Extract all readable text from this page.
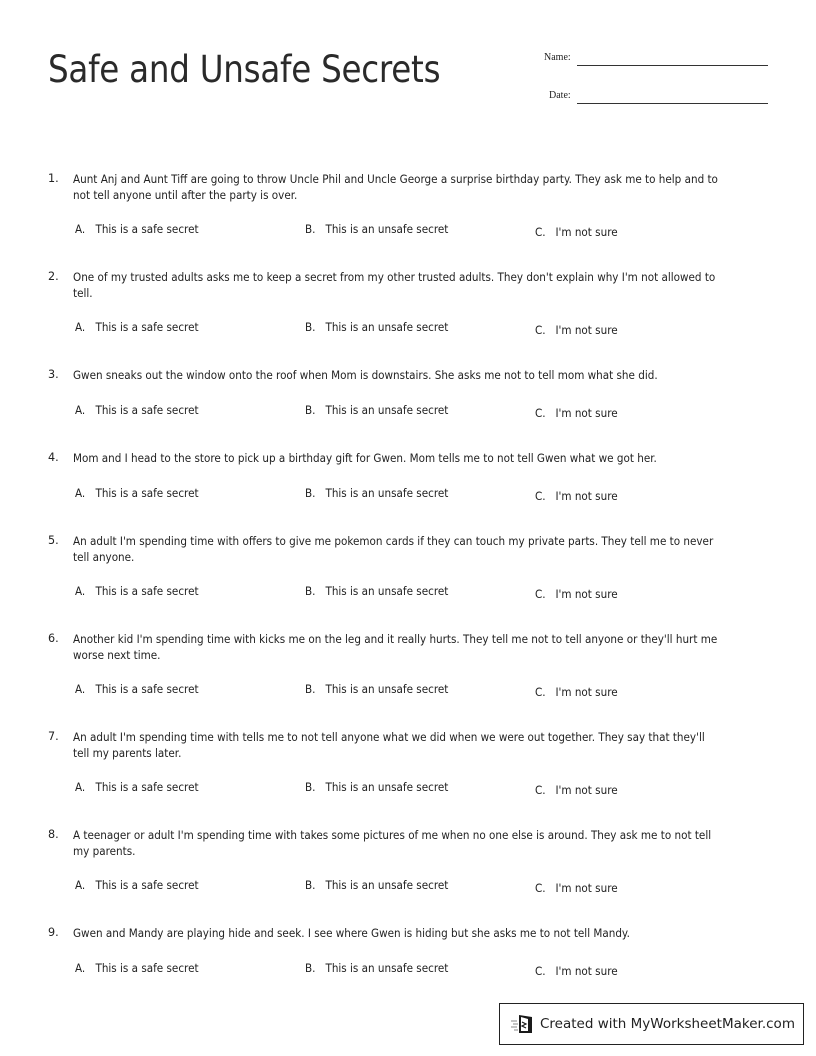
Safe and Unsafe Secrets	Name:
Date:
1. Aunt Anj and Aunt Tiff are going to throw Uncle Phil and Uncle George a surprise birthday party. They ask me to help and to not tell anyone until after the party is over.
A. This is a safe secret	B. This is an unsafe secret	C. I'm not sure
2. One of my trusted adults asks me to keep a secret from my other trusted adults. They don't explain why I'm not allowed to tell.
A. This is a safe secret	B. This is an unsafe secret	C. I'm not sure
3. Gwen sneaks out the window onto the roof when Mom is downstairs. She asks me not to tell mom what she did.
A. This is a safe secret	B. This is an unsafe secret	C. I'm not sure
4. Mom and I head to the store to pick up a birthday gift for Gwen. Mom tells me to not tell Gwen what we got her.
A. This is a safe secret	B. This is an unsafe secret	C. I'm not sure
5. An adult I'm spending time with offers to give me pokemon cards if they can touch my private parts. They tell me to never tell anyone.
A. This is a safe secret	B. This is an unsafe secret	C. I'm not sure
6. Another kid I'm spending time with kicks me on the leg and it really hurts. They tell me not to tell anyone or they'll hurt me worse next time.
A. This is a safe secret	B. This is an unsafe secret	C. I'm not sure
7. An adult I'm spending time with tells me to not tell anyone what we did when we were out together. They say that they'll tell my parents later.
A. This is a safe secret	B. This is an unsafe secret	C. I'm not sure
8. A teenager or adult I'm spending time with takes some pictures of me when no one else is around. They ask me to not tell my parents.
A. This is a safe secret	B. This is an unsafe secret	C. I'm not sure
9. Gwen and Mandy are playing hide and seek. I see where Gwen is hiding but she asks me to not tell Mandy.
A. This is a safe secret	B. This is an unsafe secret	C. I'm not sure
Created with MyWorksheetMaker.com
